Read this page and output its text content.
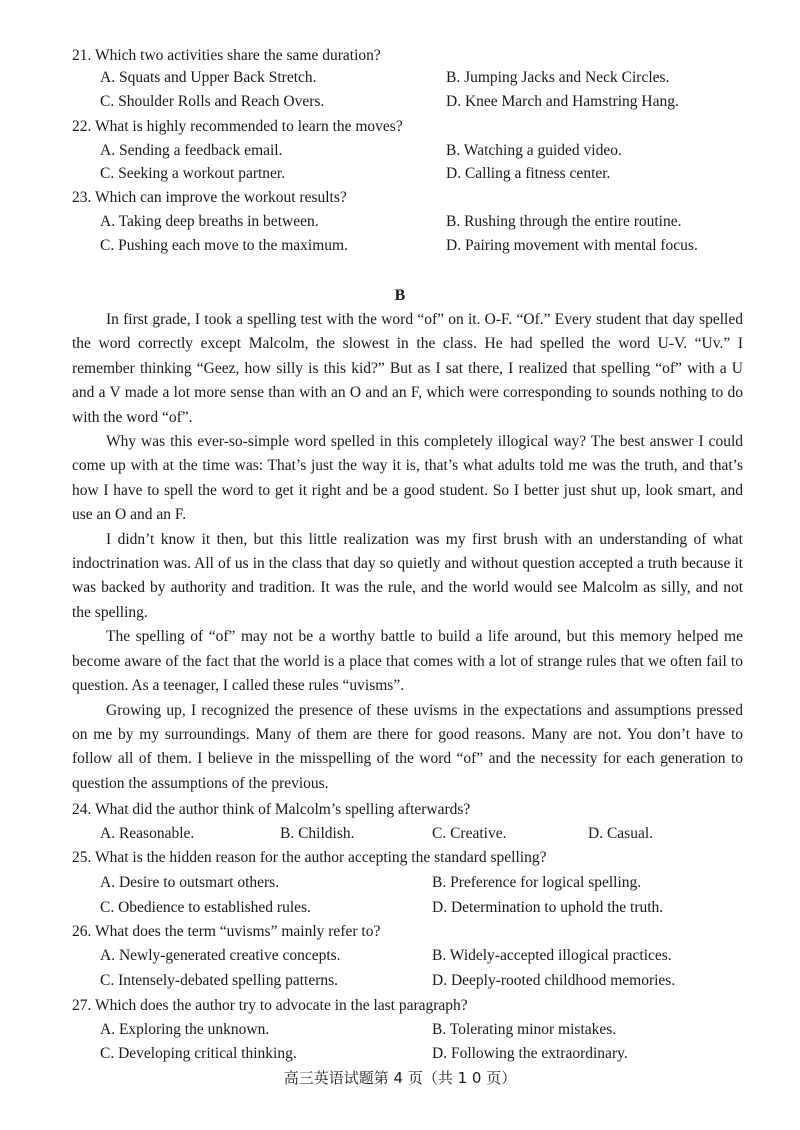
21. Which two activities share the same duration?
A. Squats and Upper Back Stretch.	B. Jumping Jacks and Neck Circles.
C. Shoulder Rolls and Reach Overs.	D. Knee March and Hamstring Hang.
22. What is highly recommended to learn the moves?
A. Sending a feedback email.	B. Watching a guided video.
C. Seeking a workout partner.	D. Calling a fitness center.
23. Which can improve the workout results?
A. Taking deep breaths in between.	B. Rushing through the entire routine.
C. Pushing each move to the maximum.	D. Pairing movement with mental focus.
B

In first grade, I took a spelling test with the word “of” on it. O-F. “Of.” Every student that day spelled the word correctly except Malcolm, the slowest in the class. He had spelled the word U-V. “Uv.” I remember thinking “Geez, how silly is this kid?” But as I sat there, I realized that spelling “of” with a U and a V made a lot more sense than with an O and an F, which were corresponding to sounds nothing to do with the word “of”.

Why was this ever-so-simple word spelled in this completely illogical way? The best answer I could come up with at the time was: That’s just the way it is, that’s what adults told me was the truth, and that’s how I have to spell the word to get it right and be a good student. So I better just shut up, look smart, and use an O and an F.

I didn’t know it then, but this little realization was my first brush with an understanding of what indoctrination was. All of us in the class that day so quietly and without question accepted a truth because it was backed by authority and tradition. It was the rule, and the world would see Malcolm as silly, and not the spelling.

The spelling of “of” may not be a worthy battle to build a life around, but this memory helped me become aware of the fact that the world is a place that comes with a lot of strange rules that we often fail to question. As a teenager, I called these rules “uvisms”.

Growing up, I recognized the presence of these uvisms in the expectations and assumptions pressed on me by my surroundings. Many of them are there for good reasons. Many are not. You don’t have to follow all of them. I believe in the misspelling of the word “of” and the necessity for each generation to question the assumptions of the previous.

24. What did the author think of Malcolm’s spelling afterwards?
A. Reasonable.	B. Childish.	C. Creative.	D. Casual.
25. What is the hidden reason for the author accepting the standard spelling?
A. Desire to outsmart others.	B. Preference for logical spelling.
C. Obedience to established rules.	D. Determination to uphold the truth.
26. What does the term “uvisms” mainly refer to?
A. Newly-generated creative concepts.	B. Widely-accepted illogical practices.
C. Intensely-debated spelling patterns.	D. Deeply-rooted childhood memories.
27. Which does the author try to advocate in the last paragraph?
A. Exploring the unknown.	B. Tolerating minor mistakes.
C. Developing critical thinking.	D. Following the extraordinary.
高三英语试题第 4 页（共 1 0 页）
